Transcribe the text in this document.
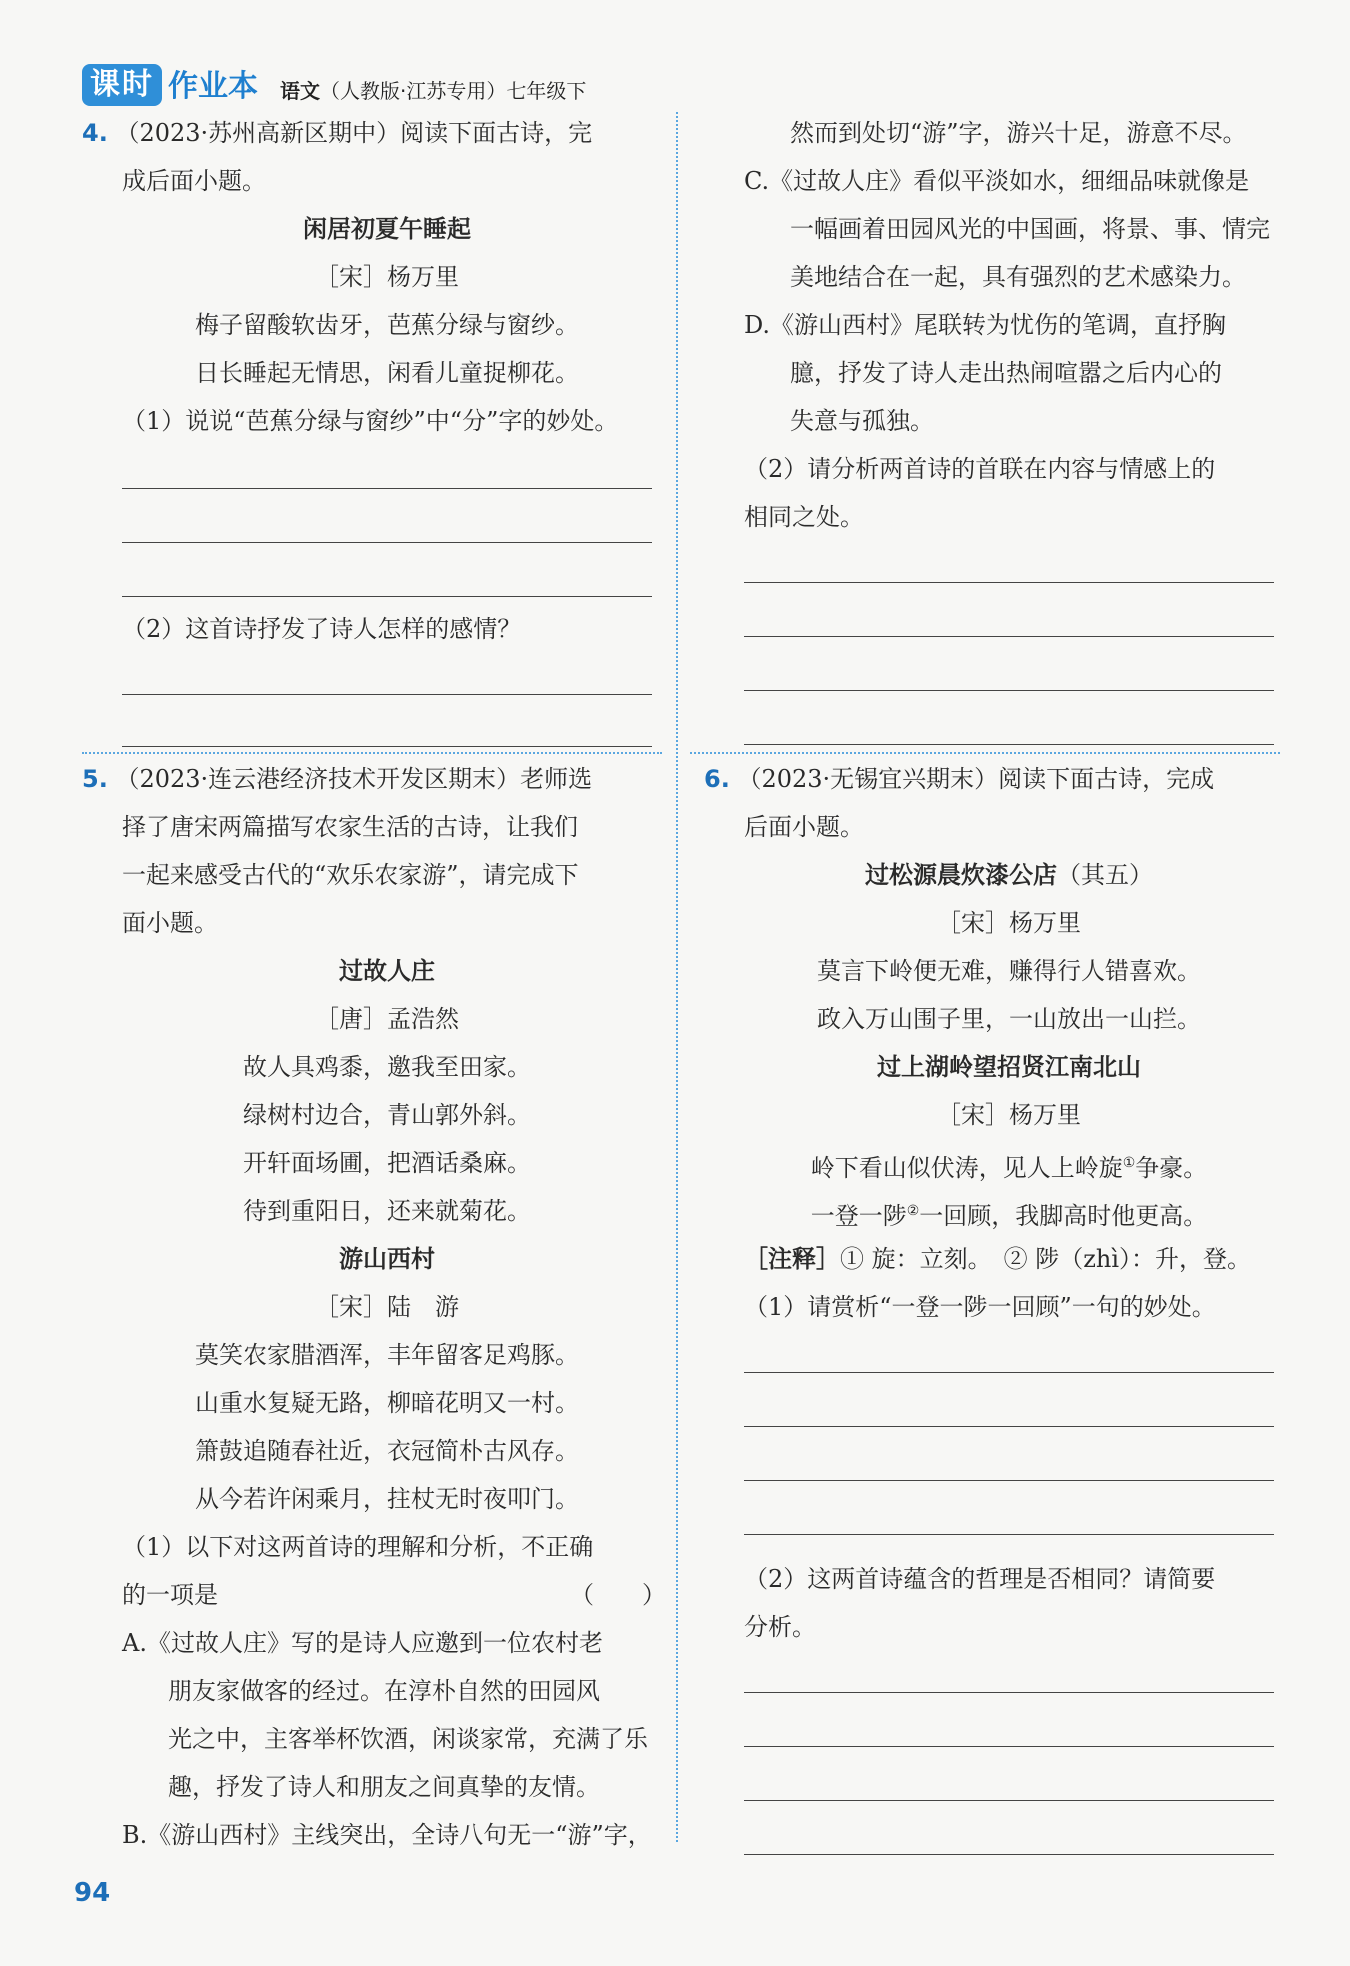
课时 作业本 语文（人教版·江苏专用）七年级下
4. （2023·苏州高新区期中）阅读下面古诗，完
成后面小题。
闲居初夏午睡起
［宋］杨万里
梅子留酸软齿牙，芭蕉分绿与窗纱。
日长睡起无情思，闲看儿童捉柳花。
（1）说说“芭蕉分绿与窗纱”中“分”字的妙处。
（2）这首诗抒发了诗人怎样的感情？
5. （2023·连云港经济技术开发区期末）老师选
择了唐宋两篇描写农家生活的古诗，让我们
一起来感受古代的“欢乐农家游”，请完成下
面小题。
过故人庄
［唐］孟浩然
故人具鸡黍，邀我至田家。
绿树村边合，青山郭外斜。
开轩面场圃，把酒话桑麻。
待到重阳日，还来就菊花。
游山西村
［宋］陆　游
莫笑农家腊酒浑，丰年留客足鸡豚。
山重水复疑无路，柳暗花明又一村。
箫鼓追随春社近，衣冠简朴古风存。
从今若许闲乘月，拄杖无时夜叩门。
（1）以下对这两首诗的理解和分析，不正确
的一项是	（　　）
A.《过故人庄》写的是诗人应邀到一位农村老
朋友家做客的经过。在淳朴自然的田园风
光之中，主客举杯饮酒，闲谈家常，充满了乐
趣，抒发了诗人和朋友之间真挚的友情。
B.《游山西村》主线突出，全诗八句无一“游”字，
94
然而到处切“游”字，游兴十足，游意不尽。
C.《过故人庄》看似平淡如水，细细品味就像是
一幅画着田园风光的中国画，将景、事、情完
美地结合在一起，具有强烈的艺术感染力。
D.《游山西村》尾联转为忧伤的笔调，直抒胸
臆，抒发了诗人走出热闹喧嚣之后内心的
失意与孤独。
（2）请分析两首诗的首联在内容与情感上的
相同之处。
6. （2023·无锡宜兴期末）阅读下面古诗，完成
后面小题。
过松源晨炊漆公店（其五）
［宋］杨万里
莫言下岭便无难，赚得行人错喜欢。
政入万山围子里，一山放出一山拦。
过上湖岭望招贤江南北山
［宋］杨万里
岭下看山似伏涛，见人上岭旋①争豪。
一登一陟②一回顾，我脚高时他更高。
［注释］① 旋：立刻。　② 陟（zhì）：升，登。
（1）请赏析“一登一陟一回顾”一句的妙处。
（2）这两首诗蕴含的哲理是否相同？请简要
分析。
